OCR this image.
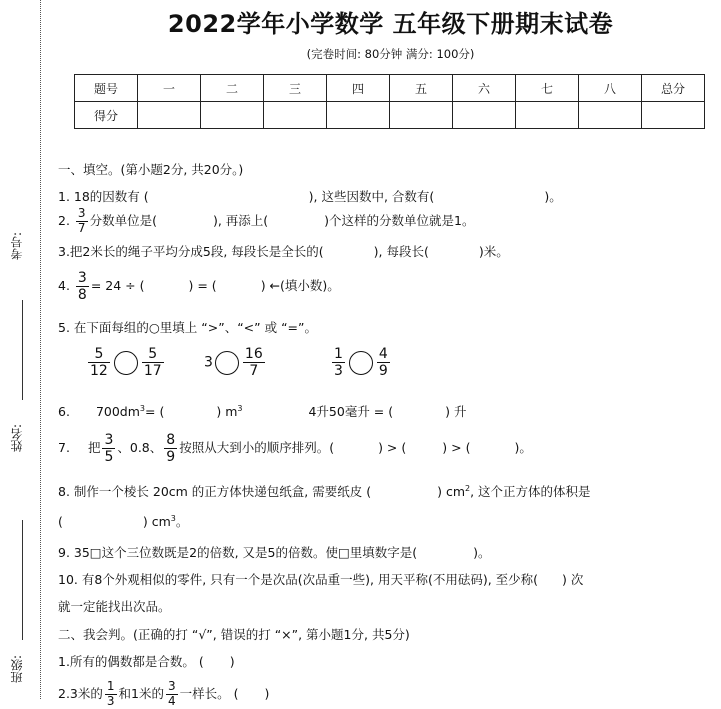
考号:
姓名:
班级:
2022学年小学数学 五年级下册期末试卷
(完卷时间: 80分钟 满分: 100分)
题号	一	二	三	四	五	六	七	八	总分
得分									
一、填空。(第小题2分, 共20分。)
1. 18的因数有 (	), 这些因数中, 合数有(	)。
2. $\frac{3}{7}$ 分数单位是(	), 再添上(	)个这样的分数单位就是1。
3.把2米长的绳子平均分成5段, 每段长是全长的(	), 每段长(	)米。
4. $\frac{3}{8} = 24$ ÷ (	) = (	) ←(填小数)。
5. 在下面每组的○里填上 “>”、“<” 或 “=”。
$\frac{5}{12} \frac{5}{17}$	$3 \frac{16}{7}$	$\frac{1}{3} \frac{4}{9}$
6. $700dm^3=$ (	) $m^3$	4升50毫升 = (	) 升
7. 把 $\frac{3}{5}$ 、0.8、 $\frac{8}{9}$ 按照从大到小的顺序排列。(	) > (	) > (	)。
8. 制作一个棱长 20cm 的正方体快递包纸盒, 需要纸皮 (	) $cm^2$, 这个正方体的体积是
(	) $cm^3$。
9. 35□这个三位数既是2的倍数, 又是5的倍数。使□里填数字是(	)。
10. 有8个外观相似的零件, 只有一个是次品(次品重一些), 用天平称(不用砝码), 至少称( ) 次
就一定能找出次品。
二、我会判。(正确的打 “√”, 错误的打 “×”, 第小题1分, 共5分)
1.所有的偶数都是合数。 ( )
2.3米的 $\frac{1}{3}$ 和1米的 $\frac{3}{4}$ 一样长。 ( )
